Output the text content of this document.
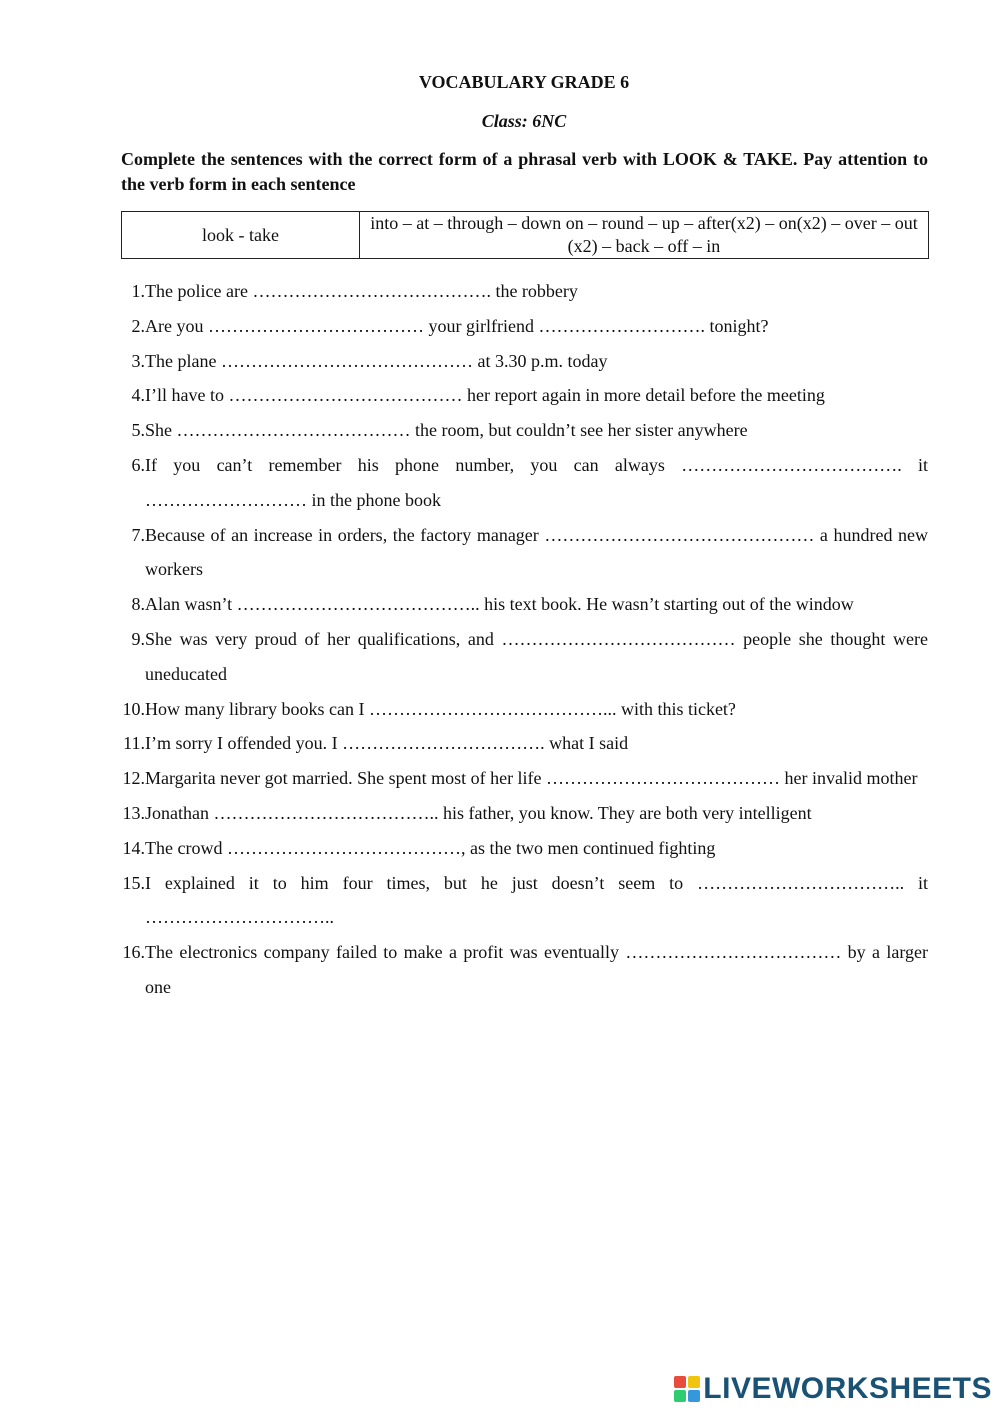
VOCABULARY GRADE 6
Class: 6NC
Complete the sentences with the correct form of a phrasal verb with LOOK & TAKE. Pay attention to the verb form in each sentence
look - take	into – at – through – down on – round – up – after(x2) – on(x2) – over – out (x2) – back – off – in
1. The police are …………………………………. the robbery
2. Are you ……………………………… your girlfriend ………………………. tonight?
3. The plane …………………………………… at 3.30 p.m. today
4. I’ll have to ………………………………… her report again in more detail before the meeting
5. She ………………………………… the room, but couldn’t see her sister anywhere
6. If you can’t remember his phone number, you can always ………………………………. it ……………………… in the phone book
7. Because of an increase in orders, the factory manager ……………………………………… a hundred new workers
8. Alan wasn’t ………………………………….. his text book. He wasn’t starting out of the window
9. She was very proud of her qualifications, and ………………………………… people she thought were uneducated
10. How many library books can I …………………………………... with this ticket?
11. I’m sorry I offended you. I ……………………………. what I said
12. Margarita never got married. She spent most of her life ………………………………… her invalid mother
13. Jonathan ……………………………….. his father, you know. They are both very intelligent
14. The crowd …………………………………, as the two men continued fighting
15. I explained it to him four times, but he just doesn’t seem to …………………………….. it …………………………..
16. The electronics company failed to make a profit was eventually ……………………………… by a larger one
LIVEWORKSHEETS
